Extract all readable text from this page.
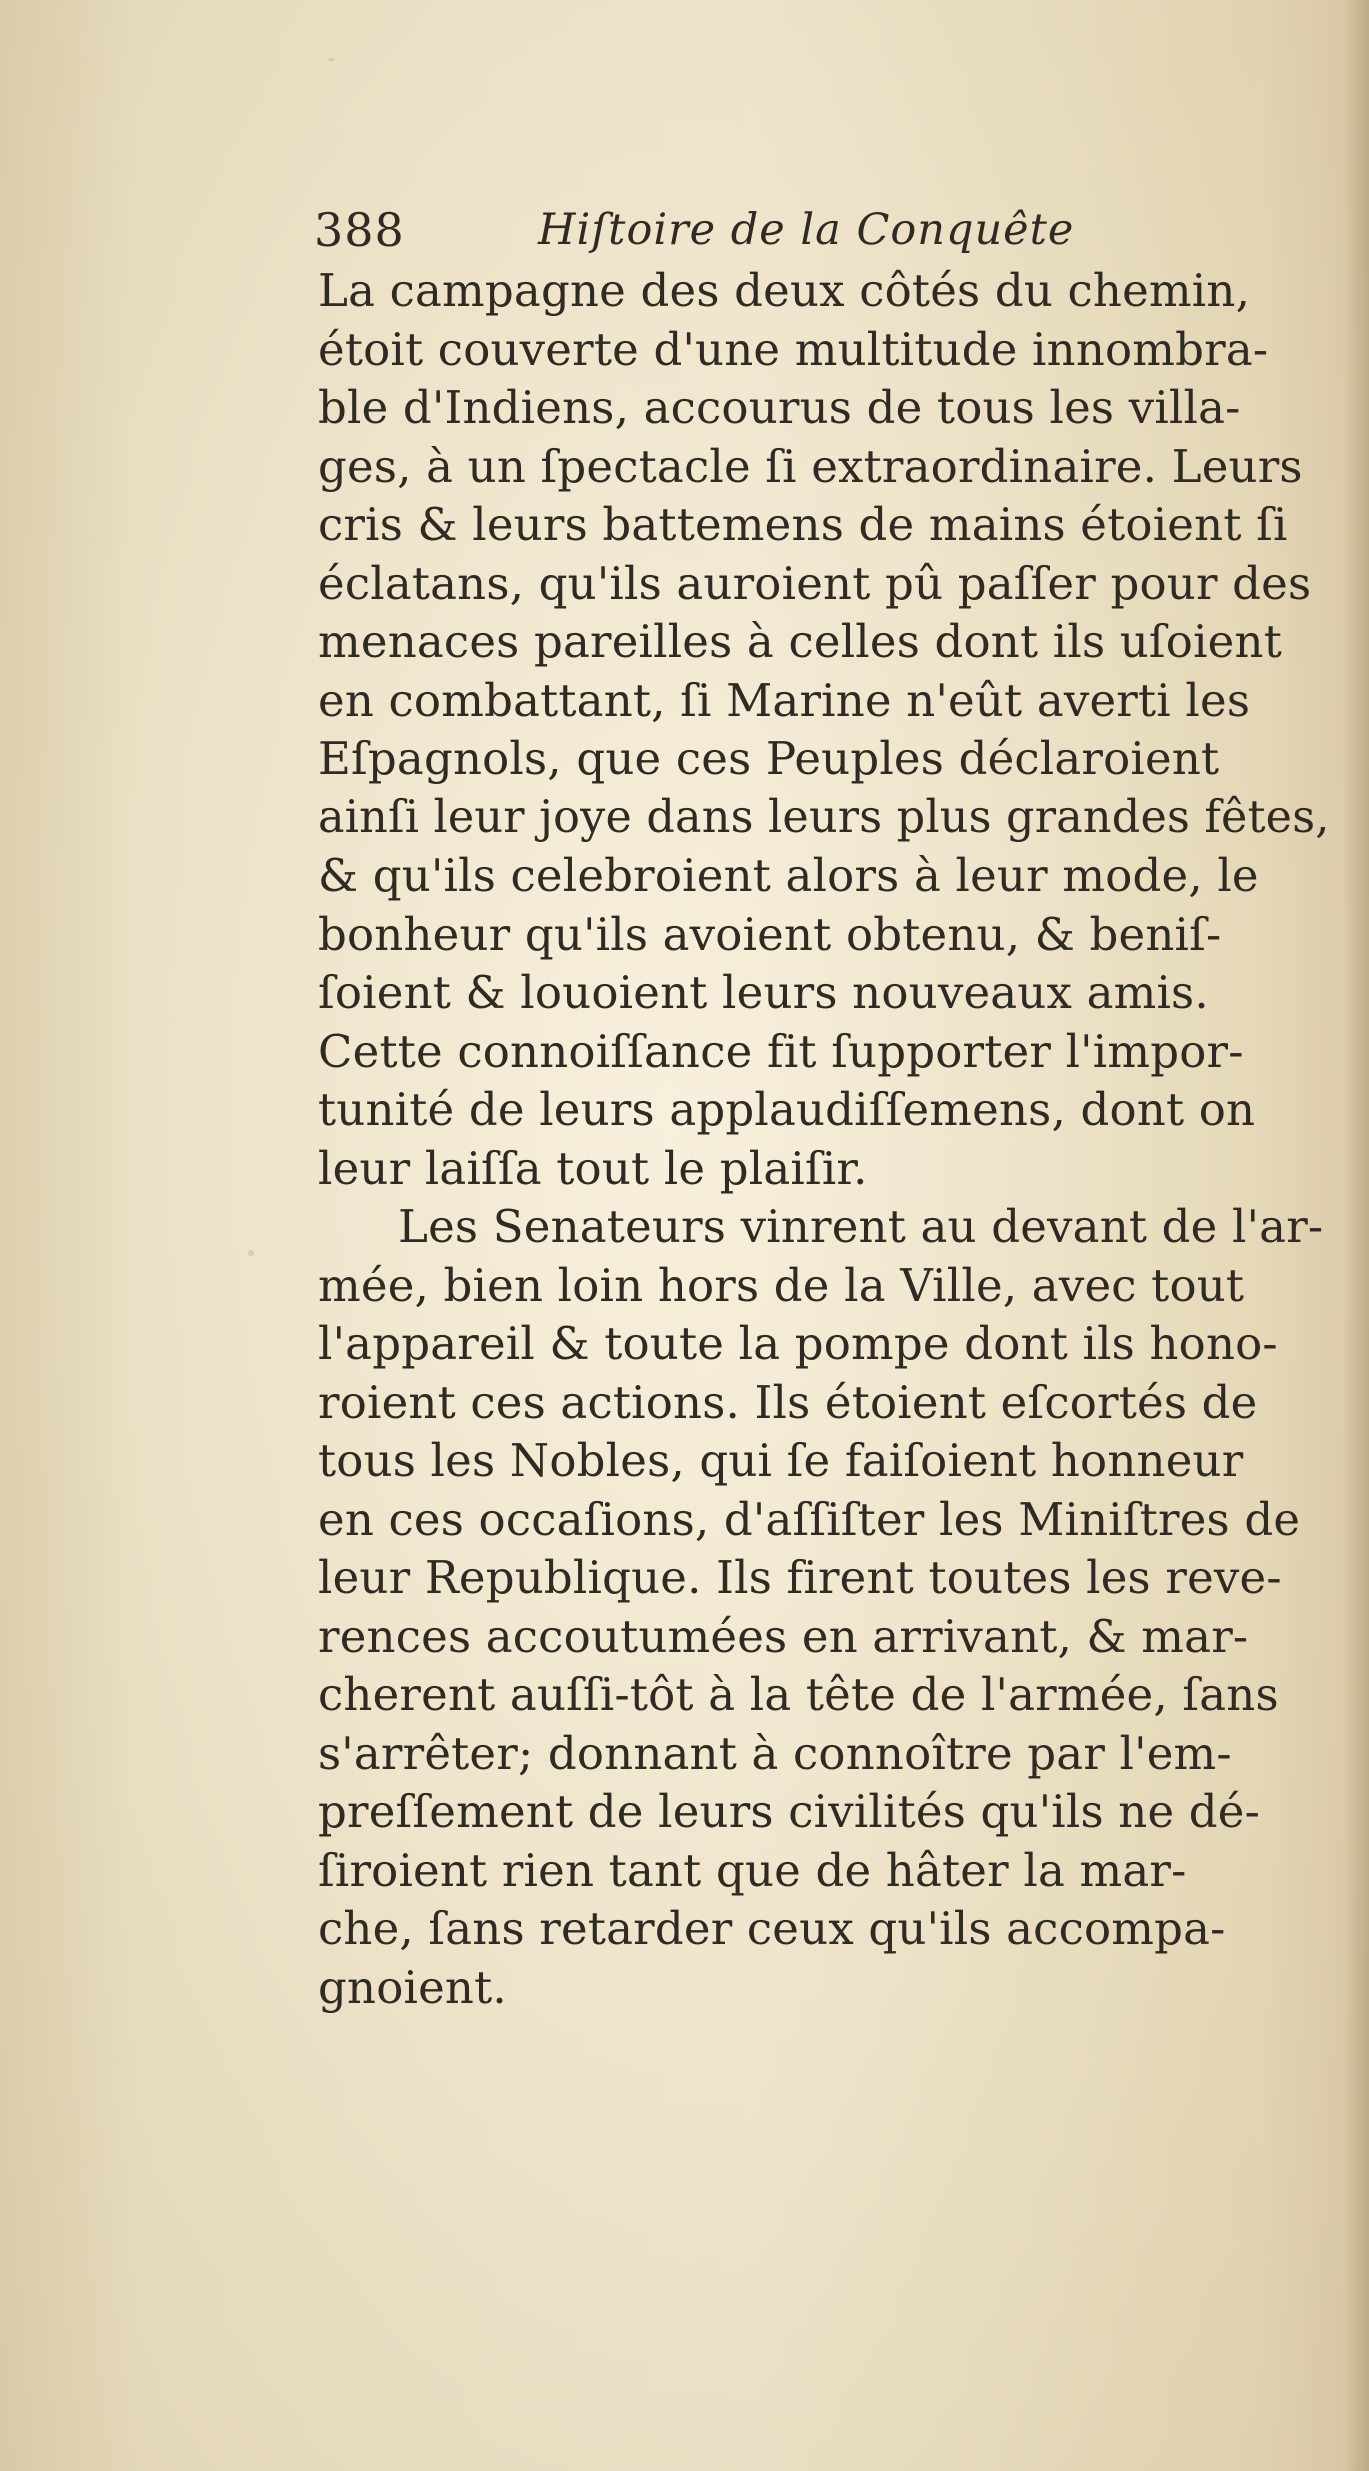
388	Hiſtoire de la Conquête
La campagne des deux côtés du chemin,
étoit couverte d'une multitude innombra-
ble d'Indiens, accourus de tous les villa-
ges, à un ſpectacle ſi extraordinaire. Leurs
cris & leurs battemens de mains étoient ſi
éclatans, qu'ils auroient pû paſſer pour des
menaces pareilles à celles dont ils uſoient
en combattant, ſi Marine n'eût averti les
Eſpagnols, que ces Peuples déclaroient
ainſi leur joye dans leurs plus grandes fêtes,
& qu'ils celebroient alors à leur mode, le
bonheur qu'ils avoient obtenu, & beniſ-
ſoient & louoient leurs nouveaux amis.
Cette connoiſſance fit ſupporter l'impor-
tunité de leurs applaudiſſemens, dont on
leur laiſſa tout le plaiſir.
Les Senateurs vinrent au devant de l'ar-
mée, bien loin hors de la Ville, avec tout
l'appareil & toute la pompe dont ils hono-
roient ces actions. Ils étoient eſcortés de
tous les Nobles, qui ſe faiſoient honneur
en ces occaſions, d'aſſiſter les Miniſtres de
leur Republique. Ils firent toutes les reve-
rences accoutumées en arrivant, & mar-
cherent auſſi-tôt à la tête de l'armée, ſans
s'arrêter; donnant à connoître par l'em-
preſſement de leurs civilités qu'ils ne dé-
ſiroient rien tant que de hâter la mar-
che, ſans retarder ceux qu'ils accompa-
gnoient.
